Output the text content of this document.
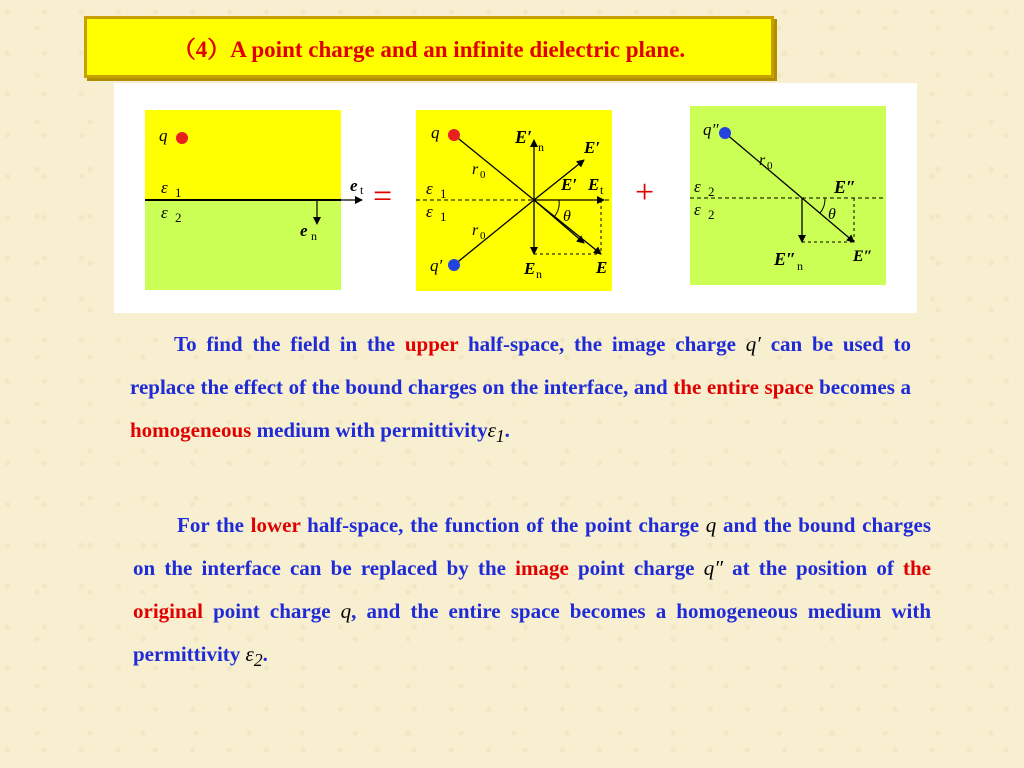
（4）A point charge and an infinite dielectric plane.
q
ε 1
ε 2
e t
e n
=
q
q′
r 0
r 0
E′ n E′
E′ E t
θ
E n	E
ε 1
ε 1
+
q″
r 0
E″
E″
E″ n
θ
ε 2
ε 2
To find the field in the upper half-space, the image charge q′ can be used to replace the effect of the bound charges on the interface, and the entire space becomes a homogeneous medium with permittivityε$_1$.
For the lower half-space, the function of the point charge q and the bound charges on the interface can be replaced by the image point charge q″ at the position of the original point charge q, and the entire space becomes a homogeneous medium with permittivity $\varepsilon_2$.
